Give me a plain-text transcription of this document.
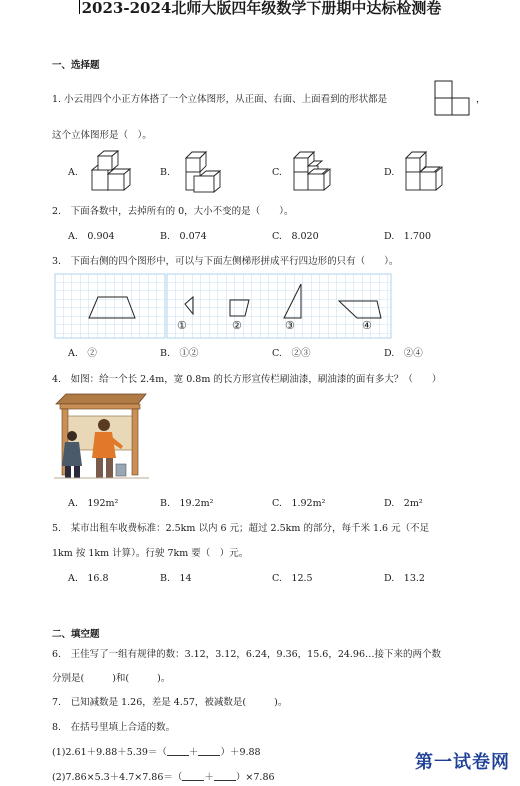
2023-2024北师大版四年级数学下册期中达标检测卷
一、选择题
1. 小云用四个小正方体搭了一个立体图形，从正面、右面、上面看到的形状都是	，
这个立体图形是（　）。
A.	B.	C.	D.
2.　下面各数中，去掉所有的 0，大小不变的是（　　）。
A.　0.904	B.　0.074	C.　8.020	D.　1.700
3.　下面右侧的四个图形中，可以与下面左侧梯形拼成平行四边形的只有（　　）。
①	②	③	④
A.　②	B.　①②	C.　②③	D.　②④
4.　如图：给一个长 2.4m，宽 0.8m 的长方形宣传栏刷油漆，刷油漆的面有多大？（　　）
A.　192m²	B.　19.2m²	C.　1.92m²	D.　2m²
5.　某市出租车收费标准：2.5km 以内 6 元；超过 2.5km 的部分，每千米 1.6 元（不足
1km 按 1km 计算）。行驶 7km 要（　）元。
A.　16.8	B.　14	C.　12.5	D.　13.2
二、填空题
6.　王佳写了一组有规律的数：3.12，3.12，6.24，9.36，15.6，24.96…接下来的两个数
分别是(	)和(	)。
7.　已知减数是 1.26，差是 4.57，被减数是(	)。
8.　在括号里填上合适的数。
(1)2.61＋9.88＋5.39＝（ ＋ ）＋9.88
(2)7.86×5.3＋4.7×7.86＝（ ＋ ）×7.86
第一试卷网
